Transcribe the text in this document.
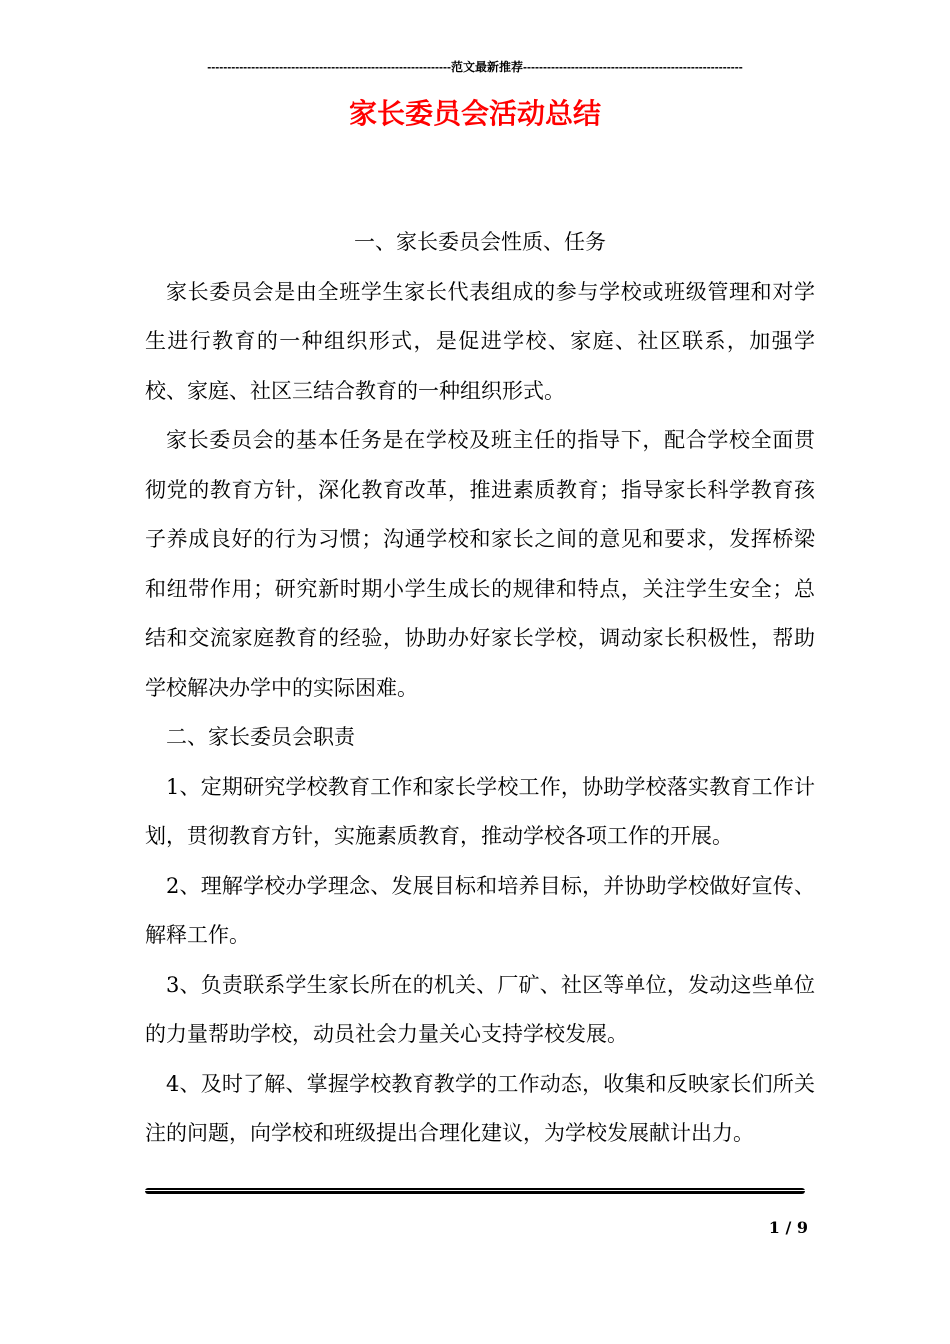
-------------------------------------------------------------范文最新推荐-------------------------------------------------------
家长委员会活动总结

一、家长委员会性质、任务

家长委员会是由全班学生家长代表组成的参与学校或班级管理和对学生进行教育的一种组织形式，是促进学校、家庭、社区联系，加强学校、家庭、社区三结合教育的一种组织形式。

家长委员会的基本任务是在学校及班主任的指导下，配合学校全面贯彻党的教育方针，深化教育改革，推进素质教育；指导家长科学教育孩子养成良好的行为习惯；沟通学校和家长之间的意见和要求，发挥桥梁和纽带作用；研究新时期小学生成长的规律和特点，关注学生安全；总结和交流家庭教育的经验，协助办好家长学校，调动家长积极性，帮助学校解决办学中的实际困难。

二、家长委员会职责

1、定期研究学校教育工作和家长学校工作，协助学校落实教育工作计划，贯彻教育方针，实施素质教育，推动学校各项工作的开展。

2、理解学校办学理念、发展目标和培养目标，并协助学校做好宣传、解释工作。

3、负责联系学生家长所在的机关、厂矿、社区等单位，发动这些单位的力量帮助学校，动员社会力量关心支持学校发展。

4、及时了解、掌握学校教育教学的工作动态，收集和反映家长们所关注的问题，向学校和班级提出合理化建议，为学校发展献计出力。

1 / 9
